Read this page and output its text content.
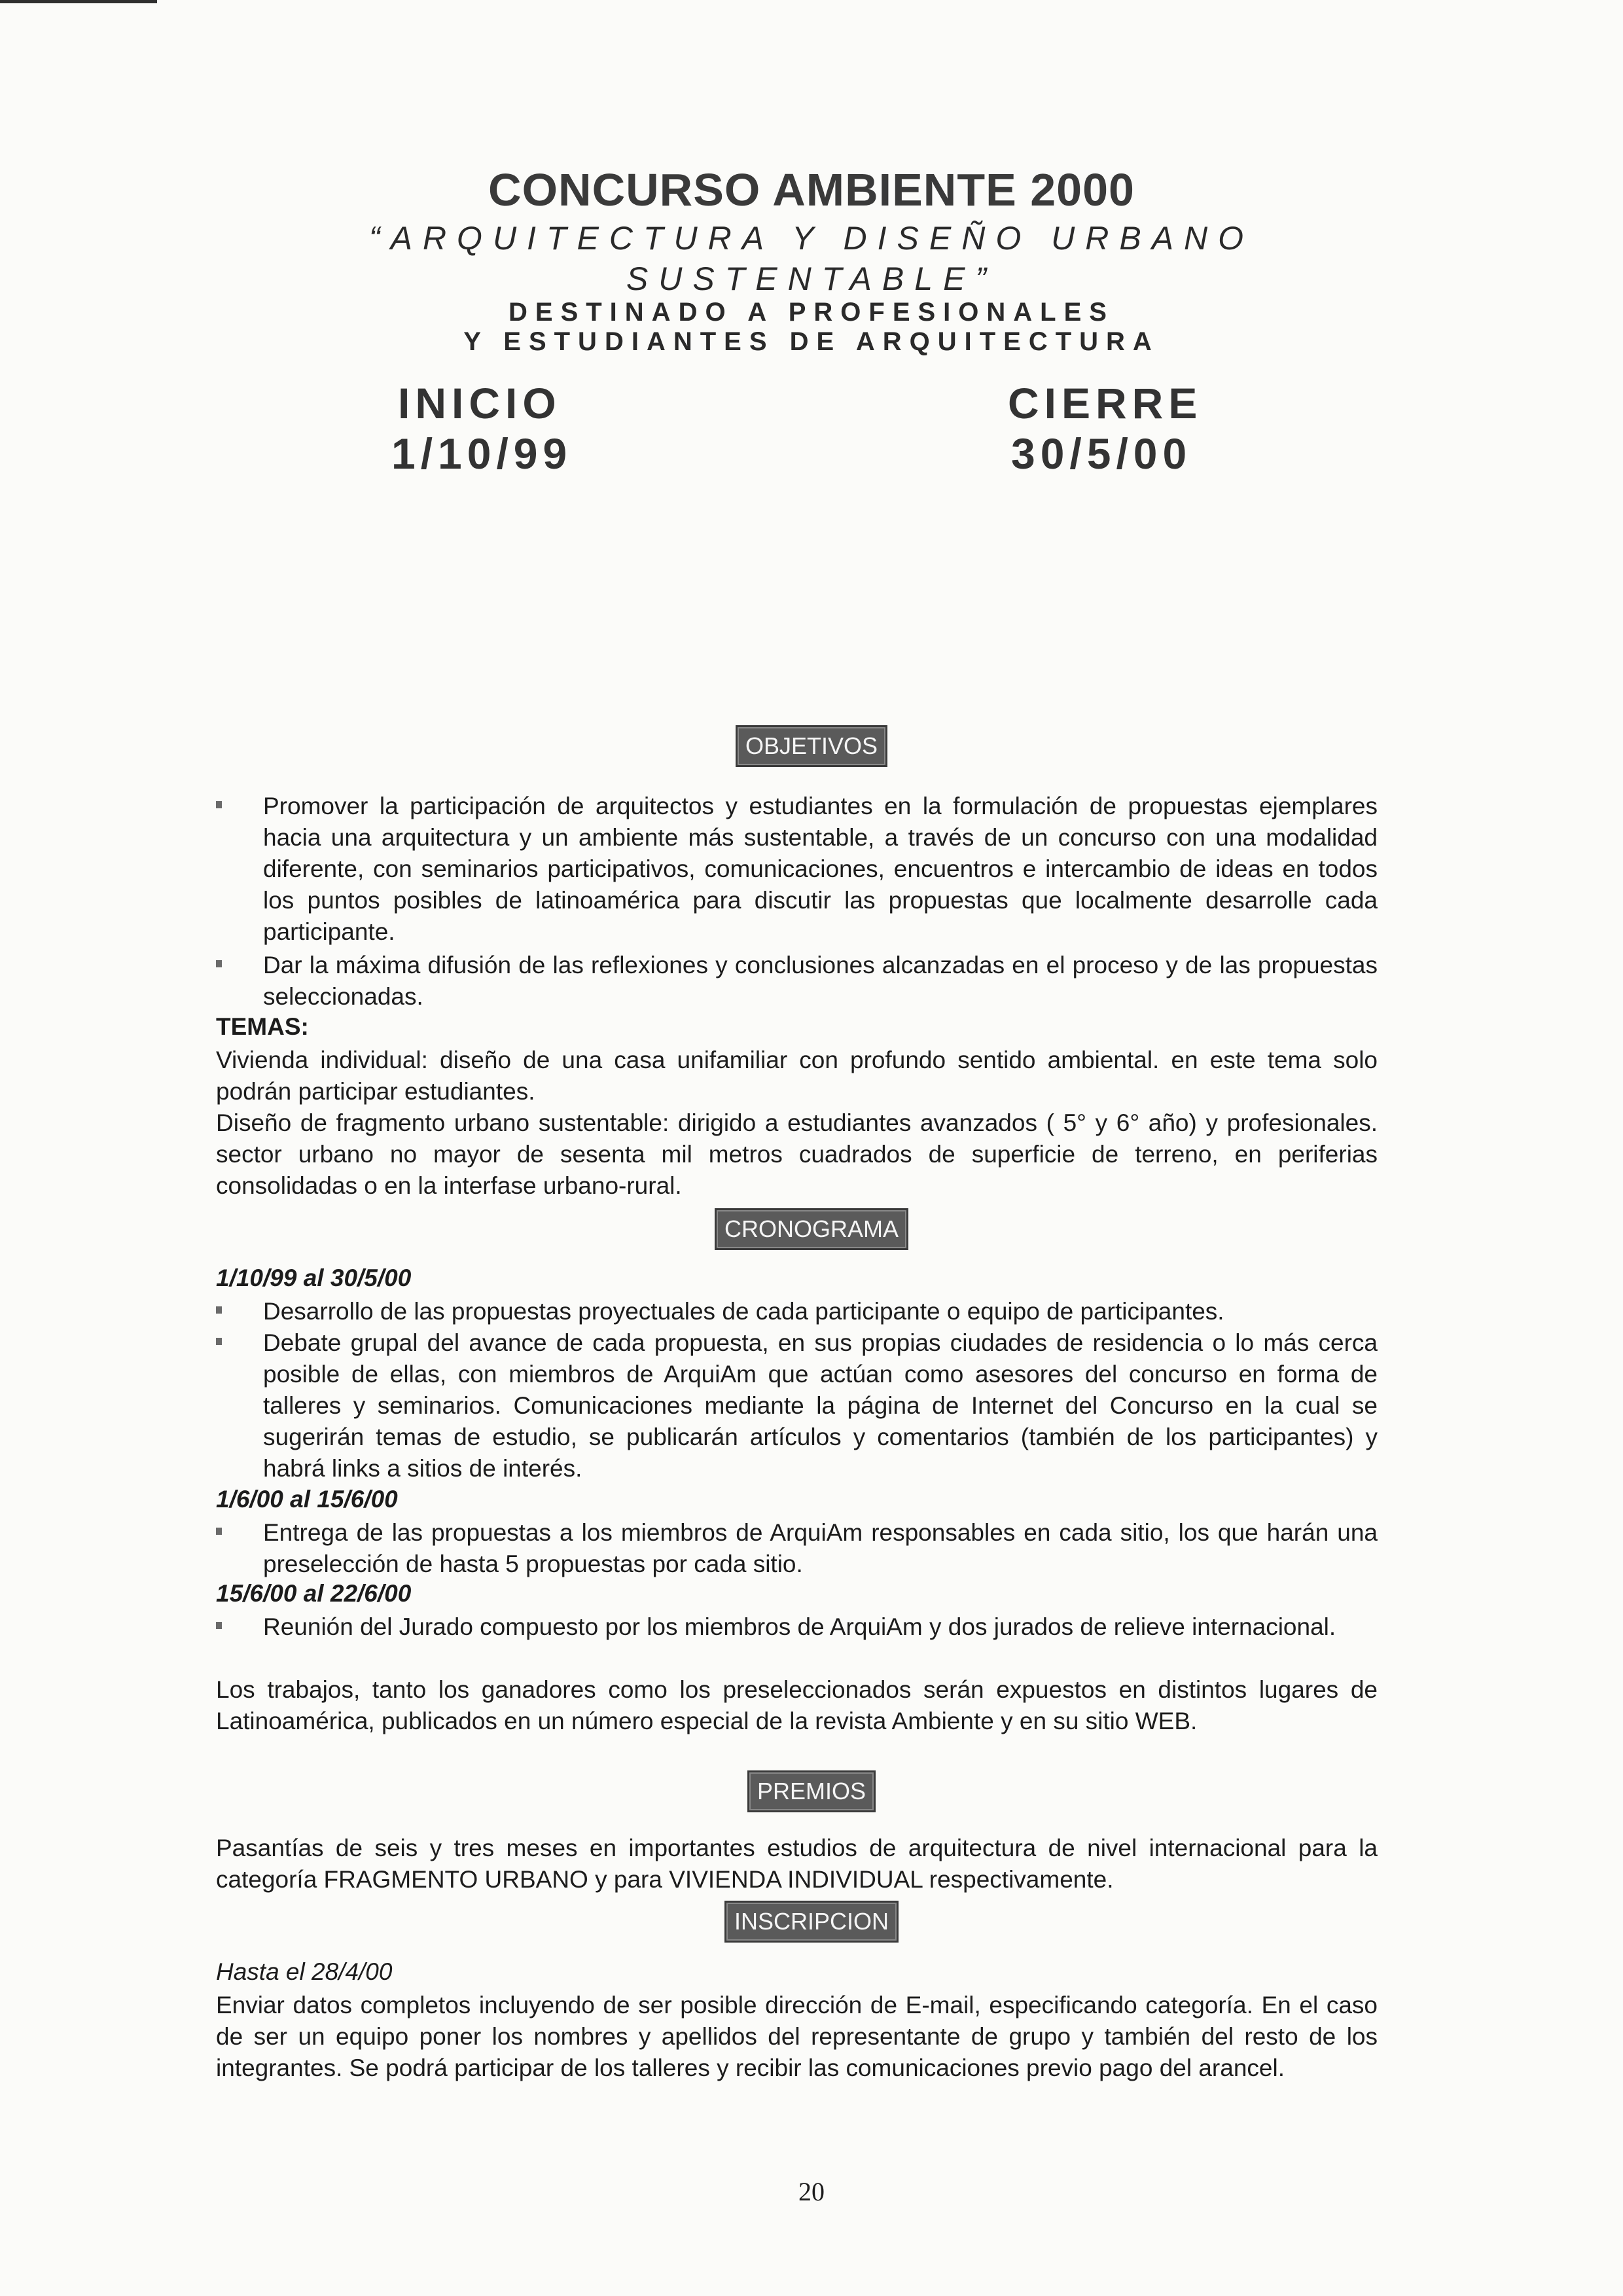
CONCURSO AMBIENTE 2000
“ARQUITECTURA Y DISEÑO URBANO
SUSTENTABLE”
DESTINADO A PROFESIONALES
Y ESTUDIANTES DE ARQUITECTURA
INICIO
1/10/99
CIERRE
30/5/00
OBJETIVOS
Promover la participación de arquitectos y estudiantes en la formulación de propuestas ejemplares hacia una arquitectura y un ambiente más sustentable, a través de un concurso con una modalidad diferente, con seminarios participativos, comunicaciones, encuentros e intercambio de ideas en todos los puntos posibles de latinoamérica para discutir las propuestas que localmente desarrolle cada participante.
Dar la máxima difusión de las reflexiones y conclusiones alcanzadas en el proceso y de las propuestas seleccionadas.
TEMAS:
Vivienda individual: diseño de una casa unifamiliar con profundo sentido ambiental. en este tema solo podrán participar estudiantes.
Diseño de fragmento urbano sustentable: dirigido a estudiantes avanzados ( 5° y 6° año) y profesionales. sector urbano no mayor de sesenta mil metros cuadrados de superficie de terreno, en periferias consolidadas o en la interfase urbano-rural.
CRONOGRAMA
1/10/99 al 30/5/00
Desarrollo de las propuestas proyectuales de cada participante o equipo de participantes.
Debate grupal del avance de cada propuesta, en sus propias ciudades de residencia o lo más cerca posible de ellas, con miembros de ArquiAm que actúan como asesores del concurso en forma de talleres y seminarios. Comunicaciones mediante la página de Internet del Concurso en la cual se sugerirán temas de estudio, se publicarán artículos y comentarios (también de los participantes) y habrá links a sitios de interés.
1/6/00 al 15/6/00
Entrega de las propuestas a los miembros de ArquiAm responsables en cada sitio, los que harán una preselección de hasta 5 propuestas por cada sitio.
15/6/00 al 22/6/00
Reunión del Jurado compuesto por los miembros de ArquiAm y dos jurados de relieve internacional.
Los trabajos, tanto los ganadores como los preseleccionados serán expuestos en distintos lugares de Latinoamérica, publicados en un número especial de la revista Ambiente y en su sitio WEB.
PREMIOS
Pasantías de seis y tres meses en importantes estudios de arquitectura de nivel internacional para la categoría FRAGMENTO URBANO y para VIVIENDA INDIVIDUAL respectivamente.
INSCRIPCION
Hasta el 28/4/00
Enviar datos completos incluyendo de ser posible dirección de E-mail, especificando categoría. En el caso de ser un equipo poner los nombres y apellidos del representante de grupo y también del resto de los integrantes. Se podrá participar de los talleres y recibir las comunicaciones previo pago del arancel.
20
